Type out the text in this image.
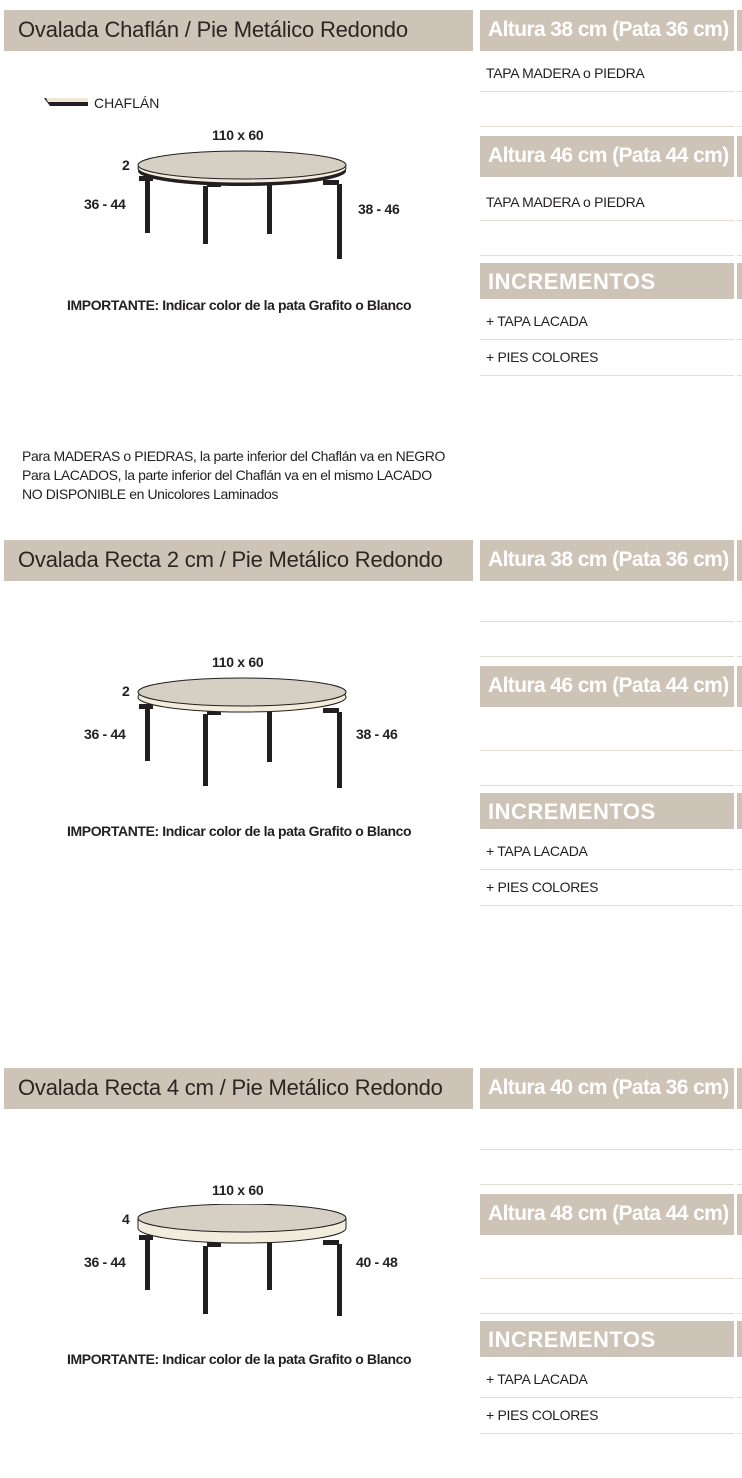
Ovalada Chaflán / Pie Metálico Redondo
CHAFLÁN
110 x 60
2
36 - 44	38 - 46
IMPORTANTE: Indicar color de la pata Grafito o Blanco
Para MADERAS o PIEDRAS, la parte inferior del Chaflán va en NEGRO
Para LACADOS, la parte inferior del Chaflán va en el mismo LACADO
NO DISPONIBLE en Unicolores Laminados
Altura 38 cm (Pata 36 cm)
TAPA MADERA o PIEDRA
Altura 46 cm (Pata 44 cm)
TAPA MADERA o PIEDRA
INCREMENTOS
+ TAPA LACADA
+ PIES COLORES
Ovalada Recta 2 cm / Pie Metálico Redondo
110 x 60
2
36 - 44	38 - 46
IMPORTANTE: Indicar color de la pata Grafito o Blanco
Altura 38 cm (Pata 36 cm)
Altura 46 cm (Pata 44 cm)
INCREMENTOS
+ TAPA LACADA
+ PIES COLORES
Ovalada Recta 4 cm / Pie Metálico Redondo
110 x 60
4
36 - 44	40 - 48
IMPORTANTE: Indicar color de la pata Grafito o Blanco
Altura 40 cm (Pata 36 cm)
Altura 48 cm (Pata 44 cm)
INCREMENTOS
+ TAPA LACADA
+ PIES COLORES
